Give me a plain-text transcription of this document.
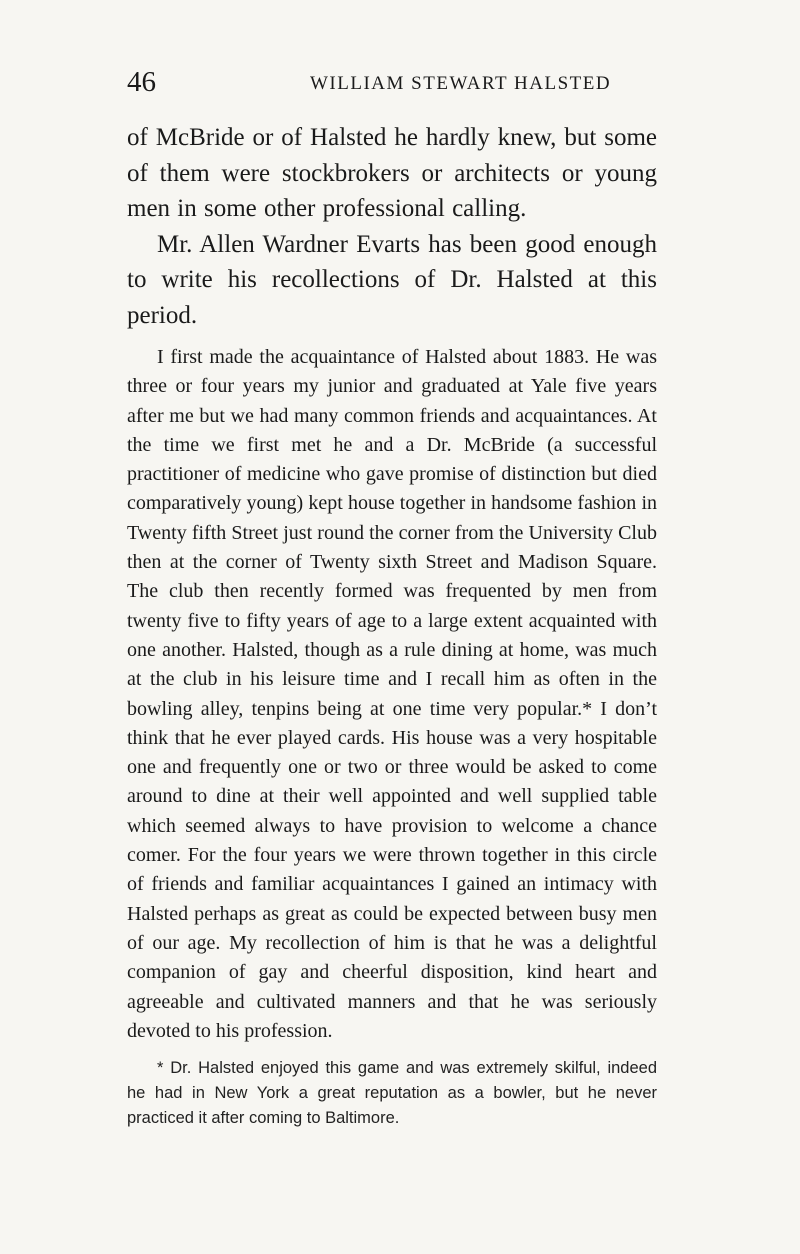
46	WILLIAM STEWART HALSTED

of McBride or of Halsted he hardly knew, but some of them were stockbrokers or architects or young men in some other professional calling.

Mr. Allen Wardner Evarts has been good enough to write his recollections of Dr. Halsted at this period.

I first made the acquaintance of Halsted about 1883. He was three or four years my junior and graduated at Yale five years after me but we had many common friends and acquaintances. At the time we first met he and a Dr. McBride (a successful practitioner of medicine who gave promise of distinction but died comparatively young) kept house together in handsome fashion in Twenty fifth Street just round the corner from the University Club then at the corner of Twenty sixth Street and Madison Square. The club then recently formed was frequented by men from twenty five to fifty years of age to a large extent acquainted with one another. Halsted, though as a rule dining at home, was much at the club in his leisure time and I recall him as often in the bowling alley, tenpins being at one time very popular.* I don’t think that he ever played cards. His house was a very hospitable one and frequently one or two or three would be asked to come around to dine at their well appointed and well supplied table which seemed always to have provision to welcome a chance comer. For the four years we were thrown together in this circle of friends and familiar acquaintances I gained an intimacy with Halsted perhaps as great as could be expected between busy men of our age. My recollection of him is that he was a delightful companion of gay and cheerful disposition, kind heart and agreeable and cultivated manners and that he was seriously devoted to his profession.

* Dr. Halsted enjoyed this game and was extremely skilful, indeed he had in New York a great reputation as a bowler, but he never practiced it after coming to Baltimore.
